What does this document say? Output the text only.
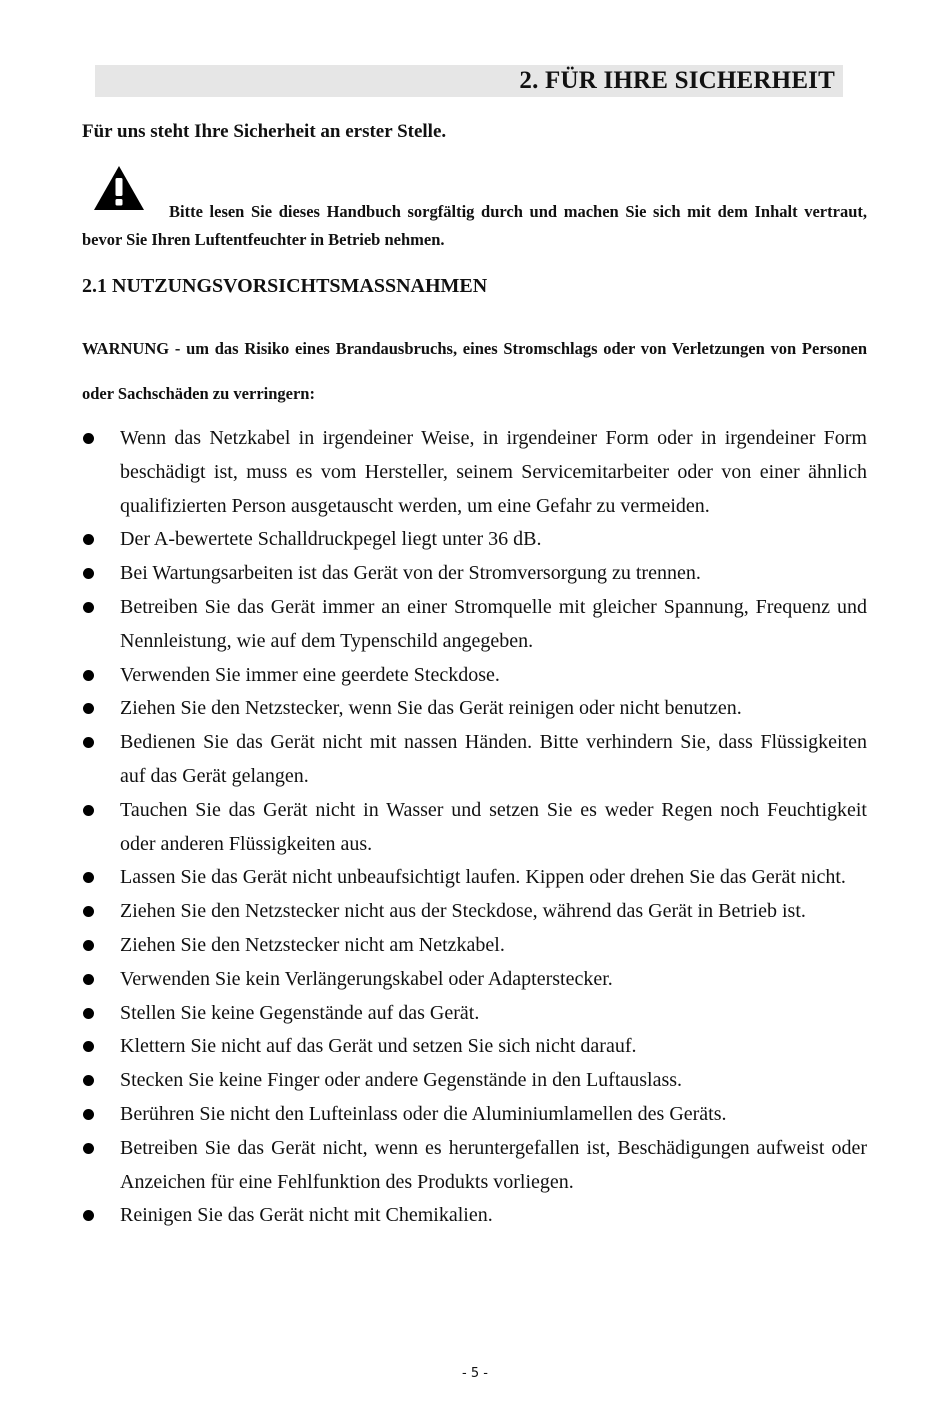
2. FÜR IHRE SICHERHEIT
Für uns steht Ihre Sicherheit an erster Stelle.
Bitte lesen Sie dieses Handbuch sorgfältig durch und machen Sie sich mit dem Inhalt vertraut, bevor Sie Ihren Luftentfeuchter in Betrieb nehmen.
2.1 NUTZUNGSVORSICHTSMASSNAHMEN
WARNUNG - um das Risiko eines Brandausbruchs, eines Stromschlags oder von Verletzungen von Personen oder Sachschäden zu verringern:
Wenn das Netzkabel in irgendeiner Weise, in irgendeiner Form oder in irgendeiner Form beschädigt ist, muss es vom Hersteller, seinem Servicemitarbeiter oder von einer ähnlich qualifizierten Person ausgetauscht werden, um eine Gefahr zu vermeiden.
Der A-bewertete Schalldruckpegel liegt unter 36 dB.
Bei Wartungsarbeiten ist das Gerät von der Stromversorgung zu trennen.
Betreiben Sie das Gerät immer an einer Stromquelle mit gleicher Spannung, Frequenz und Nennleistung, wie auf dem Typenschild angegeben.
Verwenden Sie immer eine geerdete Steckdose.
Ziehen Sie den Netzstecker, wenn Sie das Gerät reinigen oder nicht benutzen.
Bedienen Sie das Gerät nicht mit nassen Händen. Bitte verhindern Sie, dass Flüssigkeiten auf das Gerät gelangen.
Tauchen Sie das Gerät nicht in Wasser und setzen Sie es weder Regen noch Feuchtigkeit oder anderen Flüssigkeiten aus.
Lassen Sie das Gerät nicht unbeaufsichtigt laufen. Kippen oder drehen Sie das Gerät nicht.
Ziehen Sie den Netzstecker nicht aus der Steckdose, während das Gerät in Betrieb ist.
Ziehen Sie den Netzstecker nicht am Netzkabel.
Verwenden Sie kein Verlängerungskabel oder Adapterstecker.
Stellen Sie keine Gegenstände auf das Gerät.
Klettern Sie nicht auf das Gerät und setzen Sie sich nicht darauf.
Stecken Sie keine Finger oder andere Gegenstände in den Luftauslass.
Berühren Sie nicht den Lufteinlass oder die Aluminiumlamellen des Geräts.
Betreiben Sie das Gerät nicht, wenn es heruntergefallen ist, Beschädigungen aufweist oder Anzeichen für eine Fehlfunktion des Produkts vorliegen.
Reinigen Sie das Gerät nicht mit Chemikalien.
- 5 -
